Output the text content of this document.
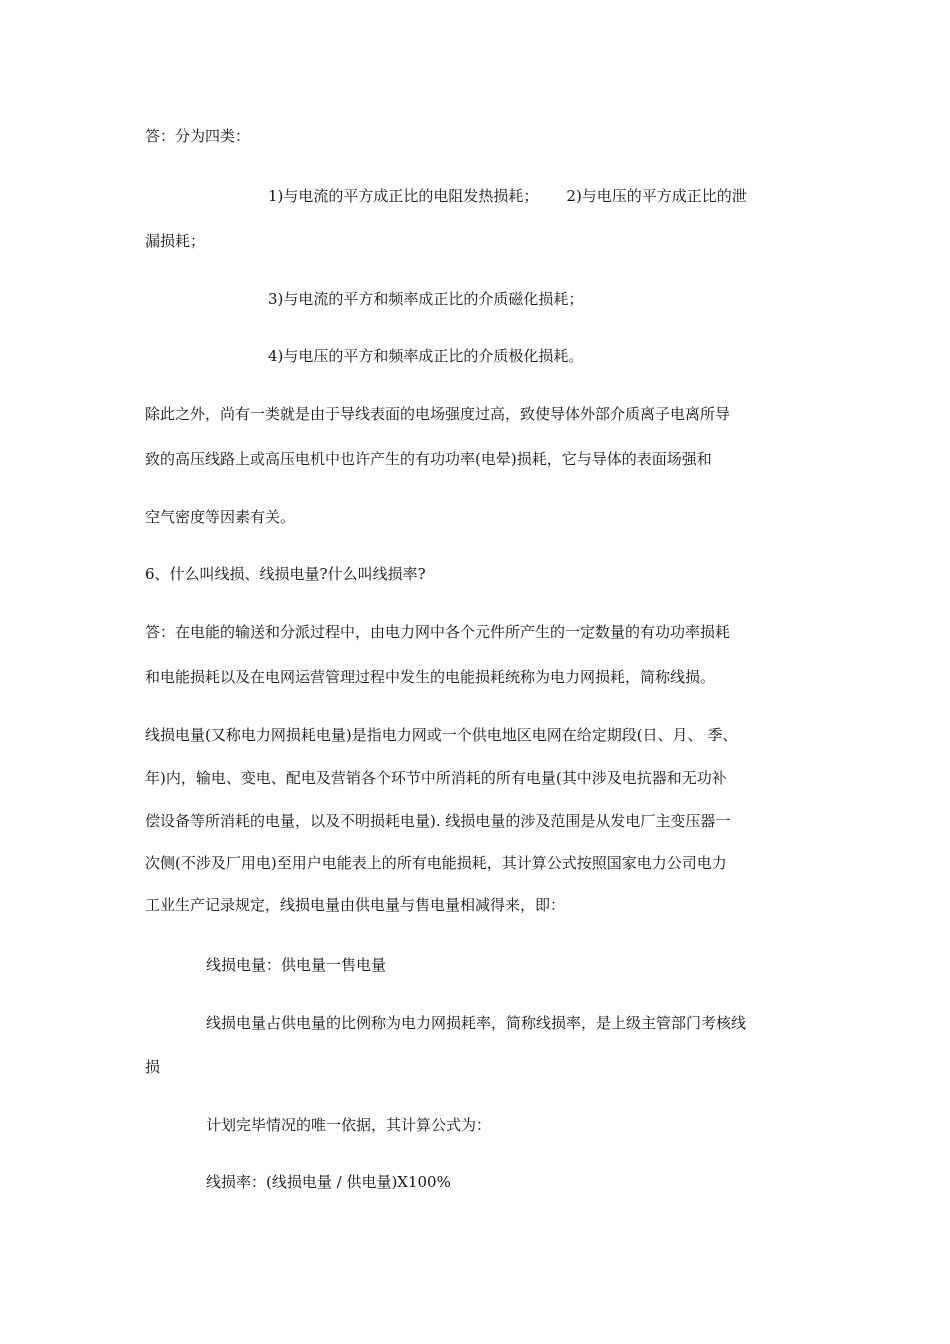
答：分为四类：
1)与电流的平方成正比的电阻发热损耗； 2)与电压的平方成正比的泄
漏损耗；
3)与电流的平方和频率成正比的介质磁化损耗；
4)与电压的平方和频率成正比的介质极化损耗。
除此之外，尚有一类就是由于导线表面的电场强度过高，致使导体外部介质离子电离所导
致的高压线路上或高压电机中也许产生的有功功率(电晕)损耗，它与导体的表面场强和
空气密度等因素有关。
6、什么叫线损、线损电量?什么叫线损率?
答：在电能的输送和分派过程中，由电力网中各个元件所产生的一定数量的有功功率损耗
和电能损耗以及在电网运营管理过程中发生的电能损耗统称为电力网损耗，简称线损。
线损电量(又称电力网损耗电量)是指电力网或一个供电地区电网在给定期段(日、月、 季、
年)内，输电、变电、配电及营销各个环节中所消耗的所有电量(其中涉及电抗器和无功补
偿设备等所消耗的电量，以及不明损耗电量). 线损电量的涉及范围是从发电厂主变压器一
次侧(不涉及厂用电)至用户电能表上的所有电能损耗，其计算公式按照国家电力公司电力
工业生产记录规定，线损电量由供电量与售电量相减得来，即：
线损电量：供电量一售电量
线损电量占供电量的比例称为电力网损耗率，简称线损率，是上级主管部门考核线
损
计划完毕情况的唯一依据，其计算公式为：
线损率：(线损电量 / 供电量)X100%
